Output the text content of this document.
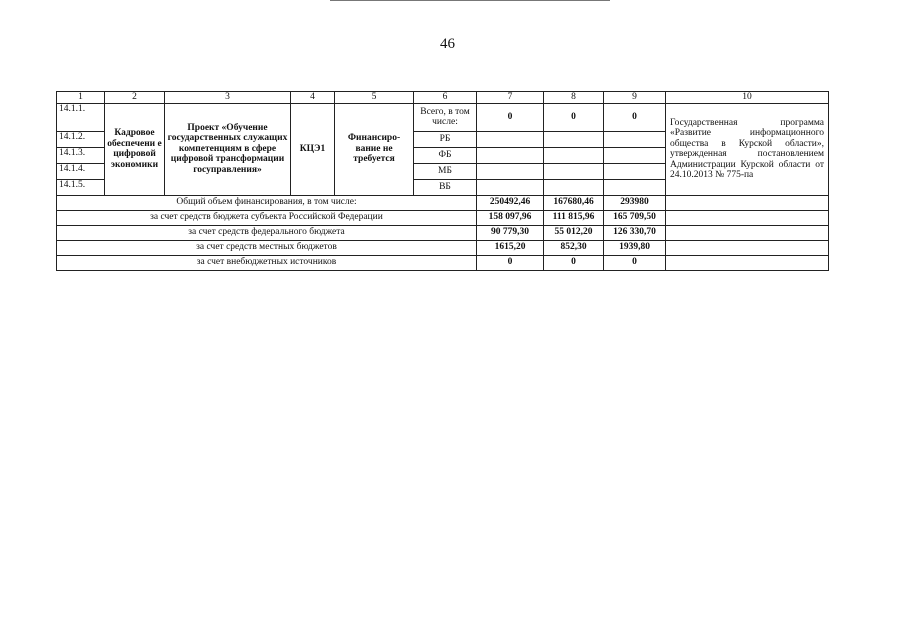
46
1	2	3	4	5	6	7	8	9	10
14.1.1.	Кадровое обеспечени е цифровой экономики	Проект «Обучение государственных служащих компетенциям в сфере цифровой трансформации госуправления»	КЦЭ1	Финансиро-вание не требуется	Всего, в том числе:	0	0	0	Государственная программа «Развитие информационного общества в Курской области», утвержденная постановлением Администрации Курской области от 24.10.2013 № 775-па
14.1.2.					РБ				
14.1.3.					ФБ				
14.1.4.					МБ				
14.1.5.					ВБ				
Общий объем финансирования, в том числе:						250492,46	167680,46	293980	
за счет средств бюджета субъекта Российской Федерации						158 097,96	111 815,96	165 709,50	
за счет средств федерального бюджета						90 779,30	55 012,20	126 330,70	
за счет средств местных бюджетов						1615,20	852,30	1939,80	
за счет внебюджетных источников						0	0	0	
